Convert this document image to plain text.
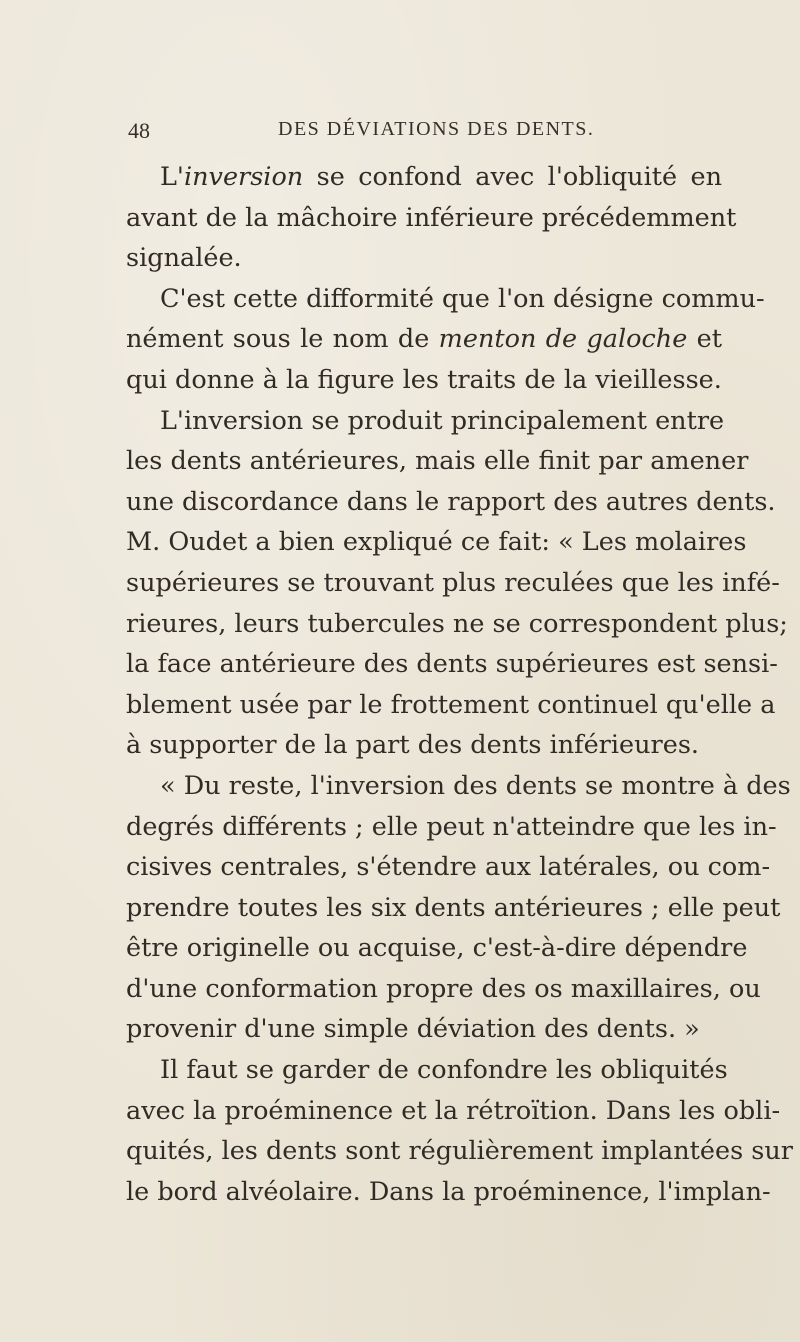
48	DES DÉVIATIONS DES DENTS.
L'inversion se confond avec l'obliquité en
avant de la mâchoire inférieure précédemment
signalée.
C'est cette difformité que l'on désigne commu-
nément sous le nom de menton de galoche et
qui donne à la figure les traits de la vieillesse.
L'inversion se produit principalement entre
les dents antérieures, mais elle finit par amener
une discordance dans le rapport des autres dents.
M. Oudet a bien expliqué ce fait: « Les molaires
supérieures se trouvant plus reculées que les infé-
rieures, leurs tubercules ne se correspondent plus;
la face antérieure des dents supérieures est sensi-
blement usée par le frottement continuel qu'elle a
à supporter de la part des dents inférieures.
« Du reste, l'inversion des dents se montre à des
degrés différents ; elle peut n'atteindre que les in-
cisives centrales, s'étendre aux latérales, ou com-
prendre toutes les six dents antérieures ; elle peut
être originelle ou acquise, c'est-à-dire dépendre
d'une conformation propre des os maxillaires, ou
provenir d'une simple déviation des dents. »
Il faut se garder de confondre les obliquités
avec la proéminence et la rétroïtion. Dans les obli-
quités, les dents sont régulièrement implantées sur
le bord alvéolaire. Dans la proéminence, l'implan-
